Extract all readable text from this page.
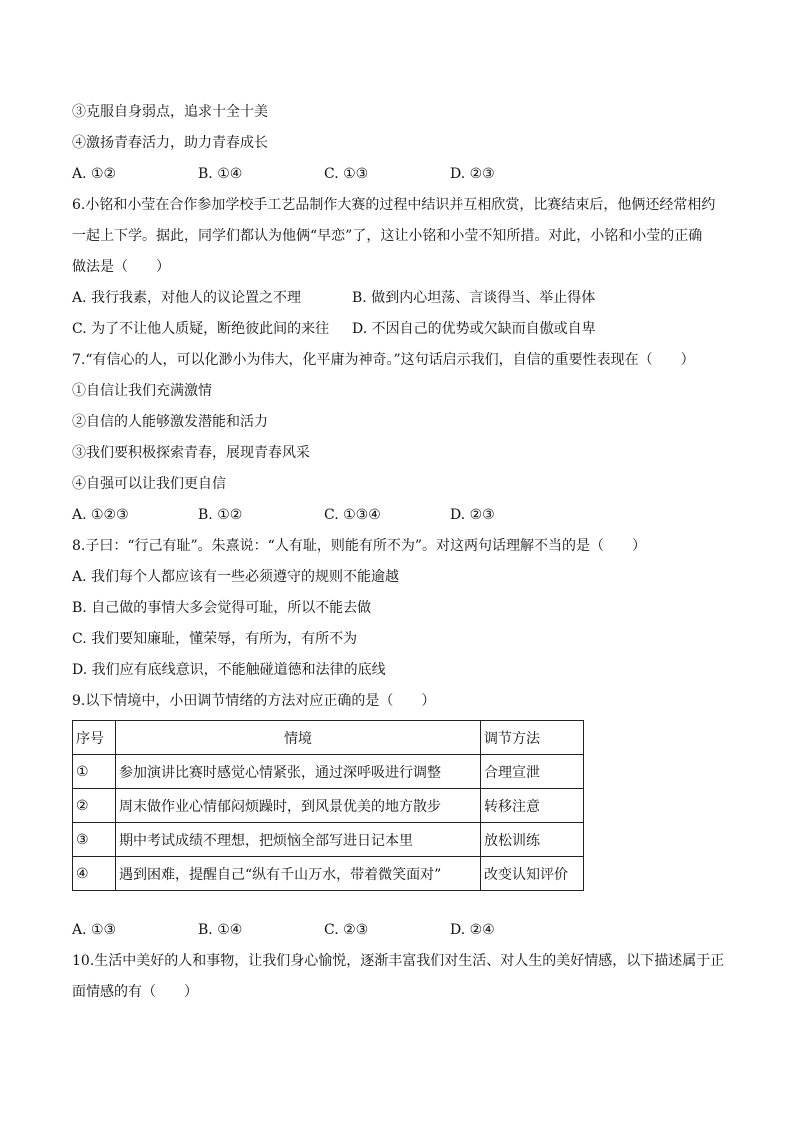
③克服自身弱点，追求十全十美
④激扬青春活力，助力青春成长
A. ①②	B. ①④	C. ①③	D. ②③
6.小铭和小莹在合作参加学校手工艺品制作大赛的过程中结识并互相欣赏，比赛结束后，他俩还经常相约
一起上下学。据此，同学们都认为他俩“早恋”了，这让小铭和小莹不知所措。对此，小铭和小莹的正确
做法是（　　）
A. 我行我素，对他人的议论置之不理	B. 做到内心坦荡、言谈得当、举止得体
C. 为了不让他人质疑，断绝彼此间的来往	D. 不因自己的优势或欠缺而自傲或自卑
7.“有信心的人，可以化渺小为伟大，化平庸为神奇。”这句话启示我们，自信的重要性表现在（　　）
①自信让我们充满激情
②自信的人能够激发潜能和活力
③我们要积极探索青春，展现青春风采
④自强可以让我们更自信
A. ①②③	B. ①②	C. ①③④	D. ②③
8.子曰：“行己有耻”。朱熹说：“人有耻，则能有所不为”。对这两句话理解不当的是（　　）
A. 我们每个人都应该有一些必须遵守的规则不能逾越
B. 自己做的事情大多会觉得可耻，所以不能去做
C. 我们要知廉耻，懂荣辱，有所为，有所不为
D. 我们应有底线意识，不能触碰道德和法律的底线
9.以下情境中，小田调节情绪的方法对应正确的是（　　）
序号	情境	调节方法
①	参加演讲比赛时感觉心情紧张，通过深呼吸进行调整	合理宣泄
②	周末做作业心情郁闷烦躁时，到风景优美的地方散步	转移注意
③	期中考试成绩不理想，把烦恼全部写进日记本里	放松训练
④	遇到困难，提醒自己“纵有千山万水，带着微笑面对”	改变认知评价
A. ①③	B. ①④	C. ②③	D. ②④
10.生活中美好的人和事物，让我们身心愉悦，逐渐丰富我们对生活、对人生的美好情感，以下描述属于正
面情感的有（　　）
